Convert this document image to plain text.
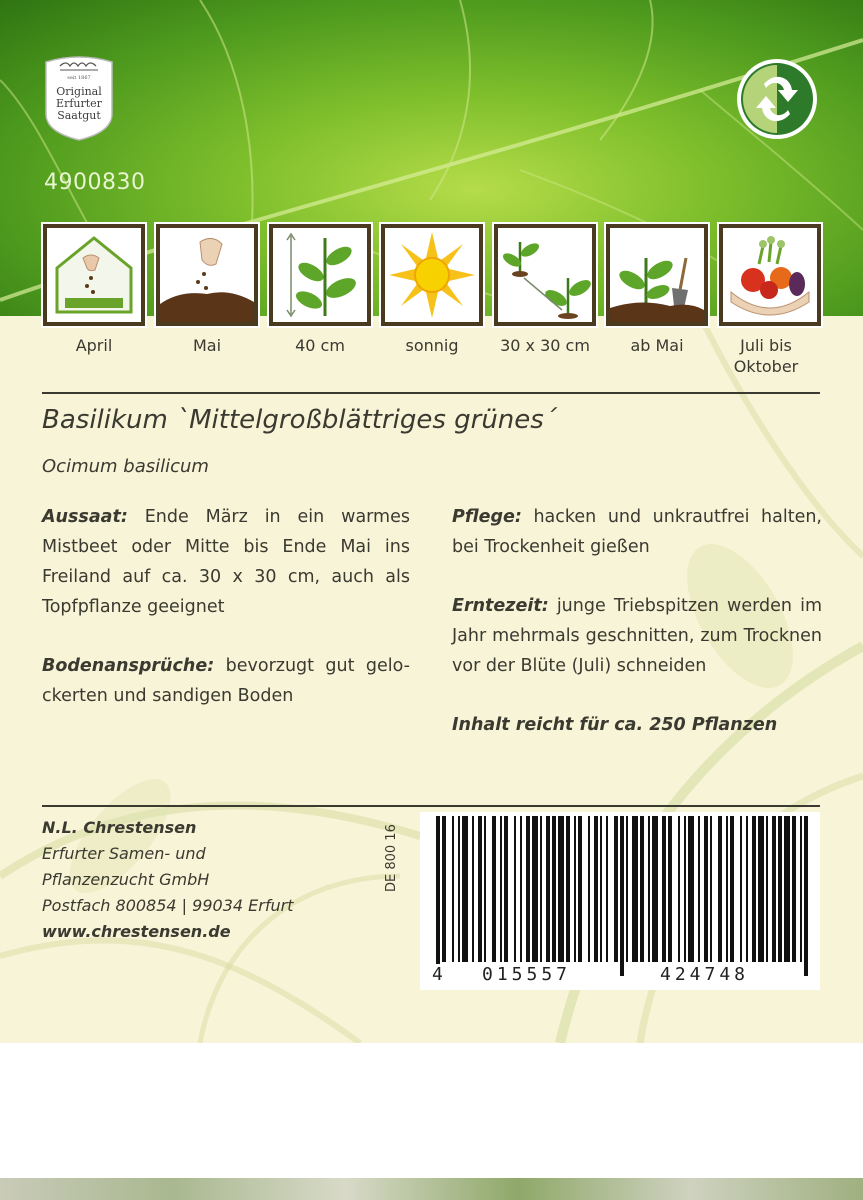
seit 1867
Original
Erfurter
Saatgut
4900830
April	Mai	40 cm	sonnig	30 x 30 cm	ab Mai	Juli bis
Oktober
Basilikum `Mittelgroßblättriges grünes´
Ocimum basilicum

Aussaat: Ende März in ein warmes Mistbeet oder Mitte bis Ende Mai ins Freiland auf ca. 30 x 30 cm, auch als Topfpflanze geeignet

Bodenansprüche: bevorzugt gut gelo-ckerten und sandigen Boden

Pflege: hacken und unkrautfrei halten, bei Trockenheit gießen

Erntezeit: junge Triebspitzen werden im Jahr mehrmals geschnitten, zum Trocknen vor der Blüte (Juli) schneiden

Inhalt reicht für ca. 250 Pflanzen
N.L. Chrestensen
Erfurter Samen- und
Pflanzenzucht GmbH
Postfach 800854 | 99034 Erfurt
www.chrestensen.de
DE 800 16
4 015557	424748
